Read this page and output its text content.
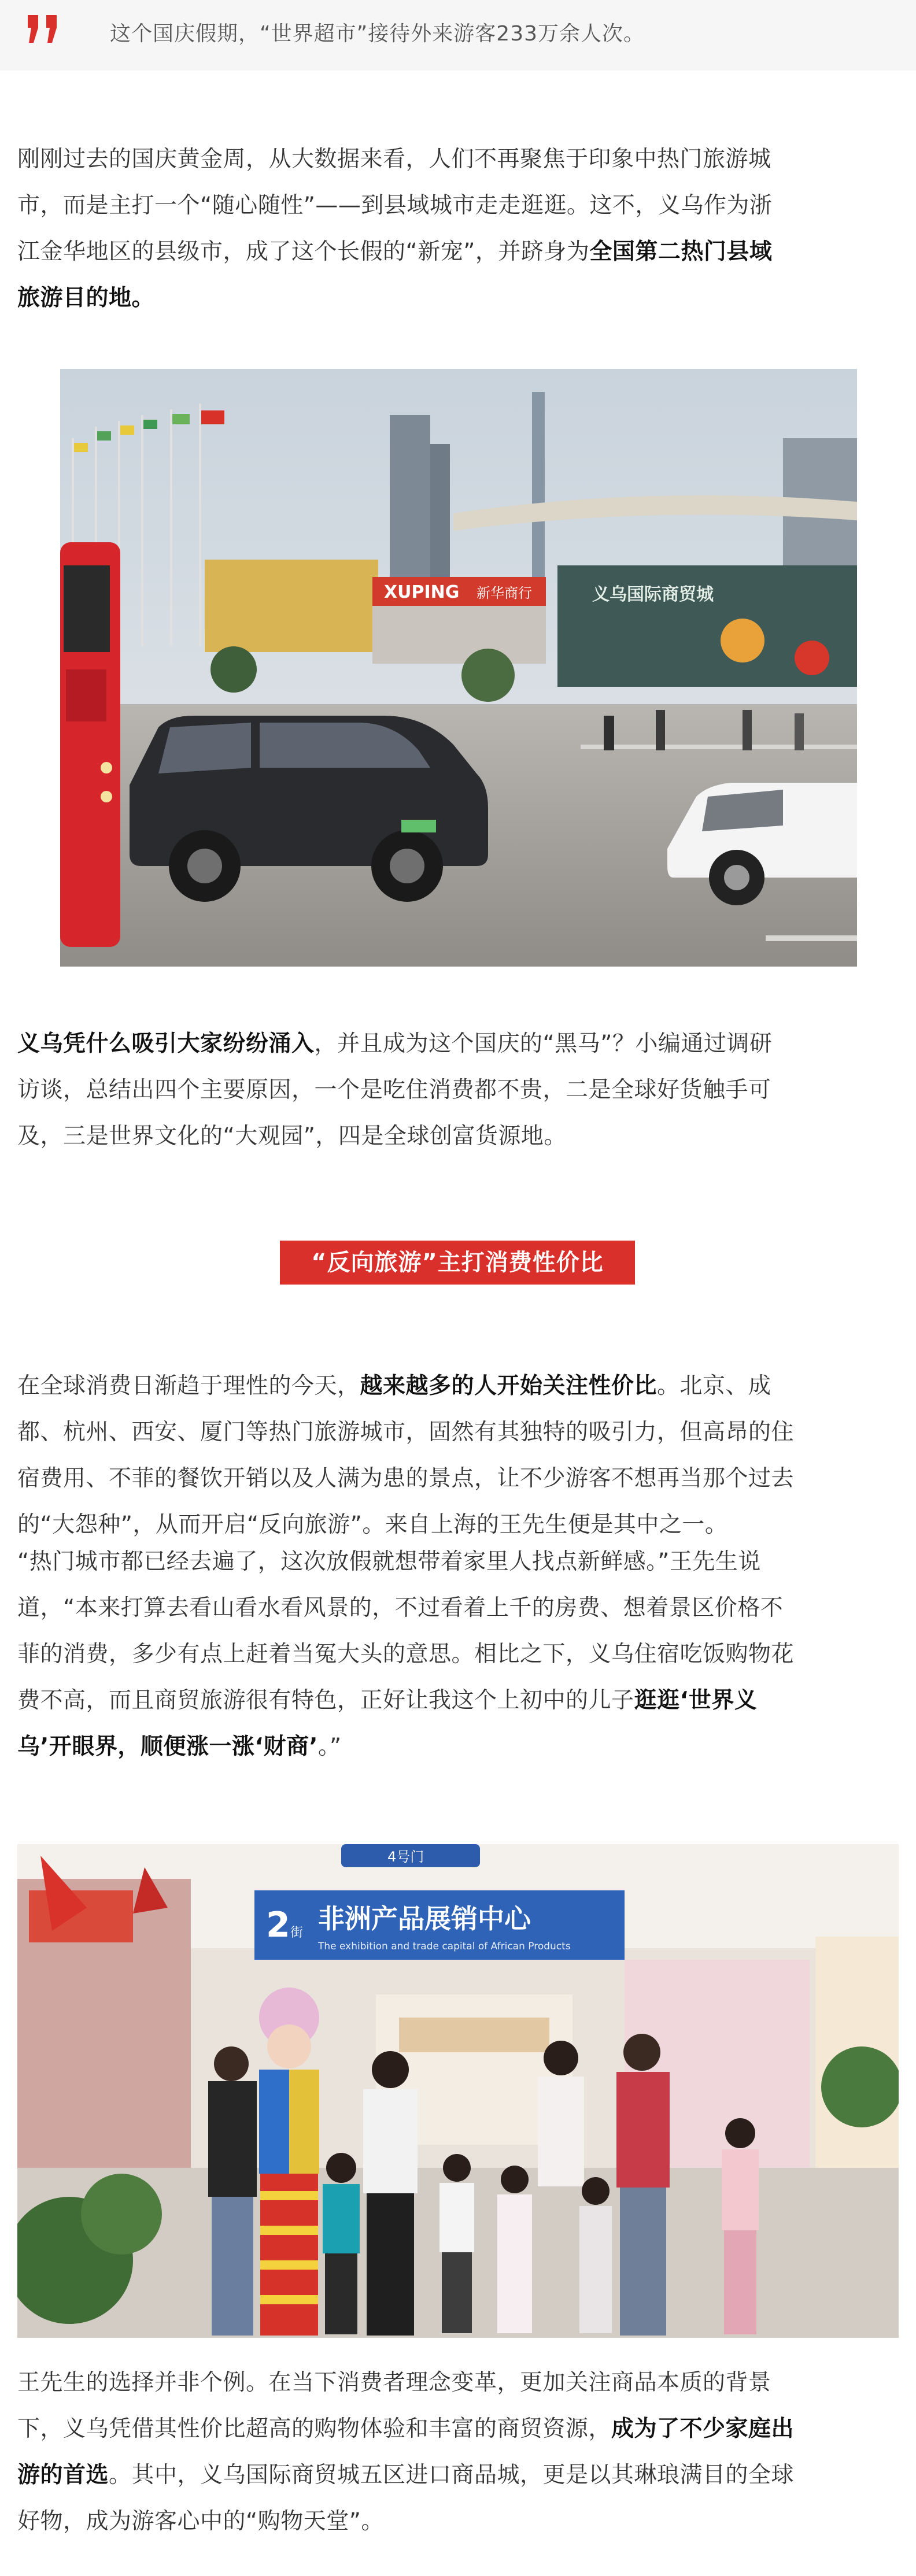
这个国庆假期，“世界超市”接待外来游客233万余人次。

刚刚过去的国庆黄金周，从大数据来看，人们不再聚焦于印象中热门旅游城

市，而是主打一个“随心随性”——到县域城市走走逛逛。这不，义乌作为浙

江金华地区的县级市，成了这个长假的“新宠”，并跻身为全国第二热门县域

旅游目的地。

XUPING 新华商行	义乌国际商贸城

义乌凭什么吸引大家纷纷涌入，并且成为这个国庆的“黑马”？小编通过调研

访谈，总结出四个主要原因，一个是吃住消费都不贵，二是全球好货触手可

及，三是世界文化的“大观园”，四是全球创富货源地。

“反向旅游”主打消费性价比

在全球消费日渐趋于理性的今天，越来越多的人开始关注性价比。北京、成

都、杭州、西安、厦门等热门旅游城市，固然有其独特的吸引力，但高昂的住

宿费用、不菲的餐饮开销以及人满为患的景点，让不少游客不想再当那个过去

的“大怨种”，从而开启“反向旅游”。来自上海的王先生便是其中之一。

“热门城市都已经去遍了，这次放假就想带着家里人找点新鲜感。”王先生说

道，“本来打算去看山看水看风景的，不过看着上千的房费、想着景区价格不

菲的消费，多少有点上赶着当冤大头的意思。相比之下，义乌住宿吃饭购物花

费不高，而且商贸旅游很有特色，正好让我这个上初中的儿子逛逛‘世界义

乌’开眼界，顺便涨一涨‘财商’。”

4号门
2 街 非洲产品展销中心
The exhibition and trade capital of African Products

王先生的选择并非个例。在当下消费者理念变革，更加关注商品本质的背景

下，义乌凭借其性价比超高的购物体验和丰富的商贸资源，成为了不少家庭出

游的首选。其中，义乌国际商贸城五区进口商品城，更是以其琳琅满目的全球

好物，成为游客心中的“购物天堂”。
